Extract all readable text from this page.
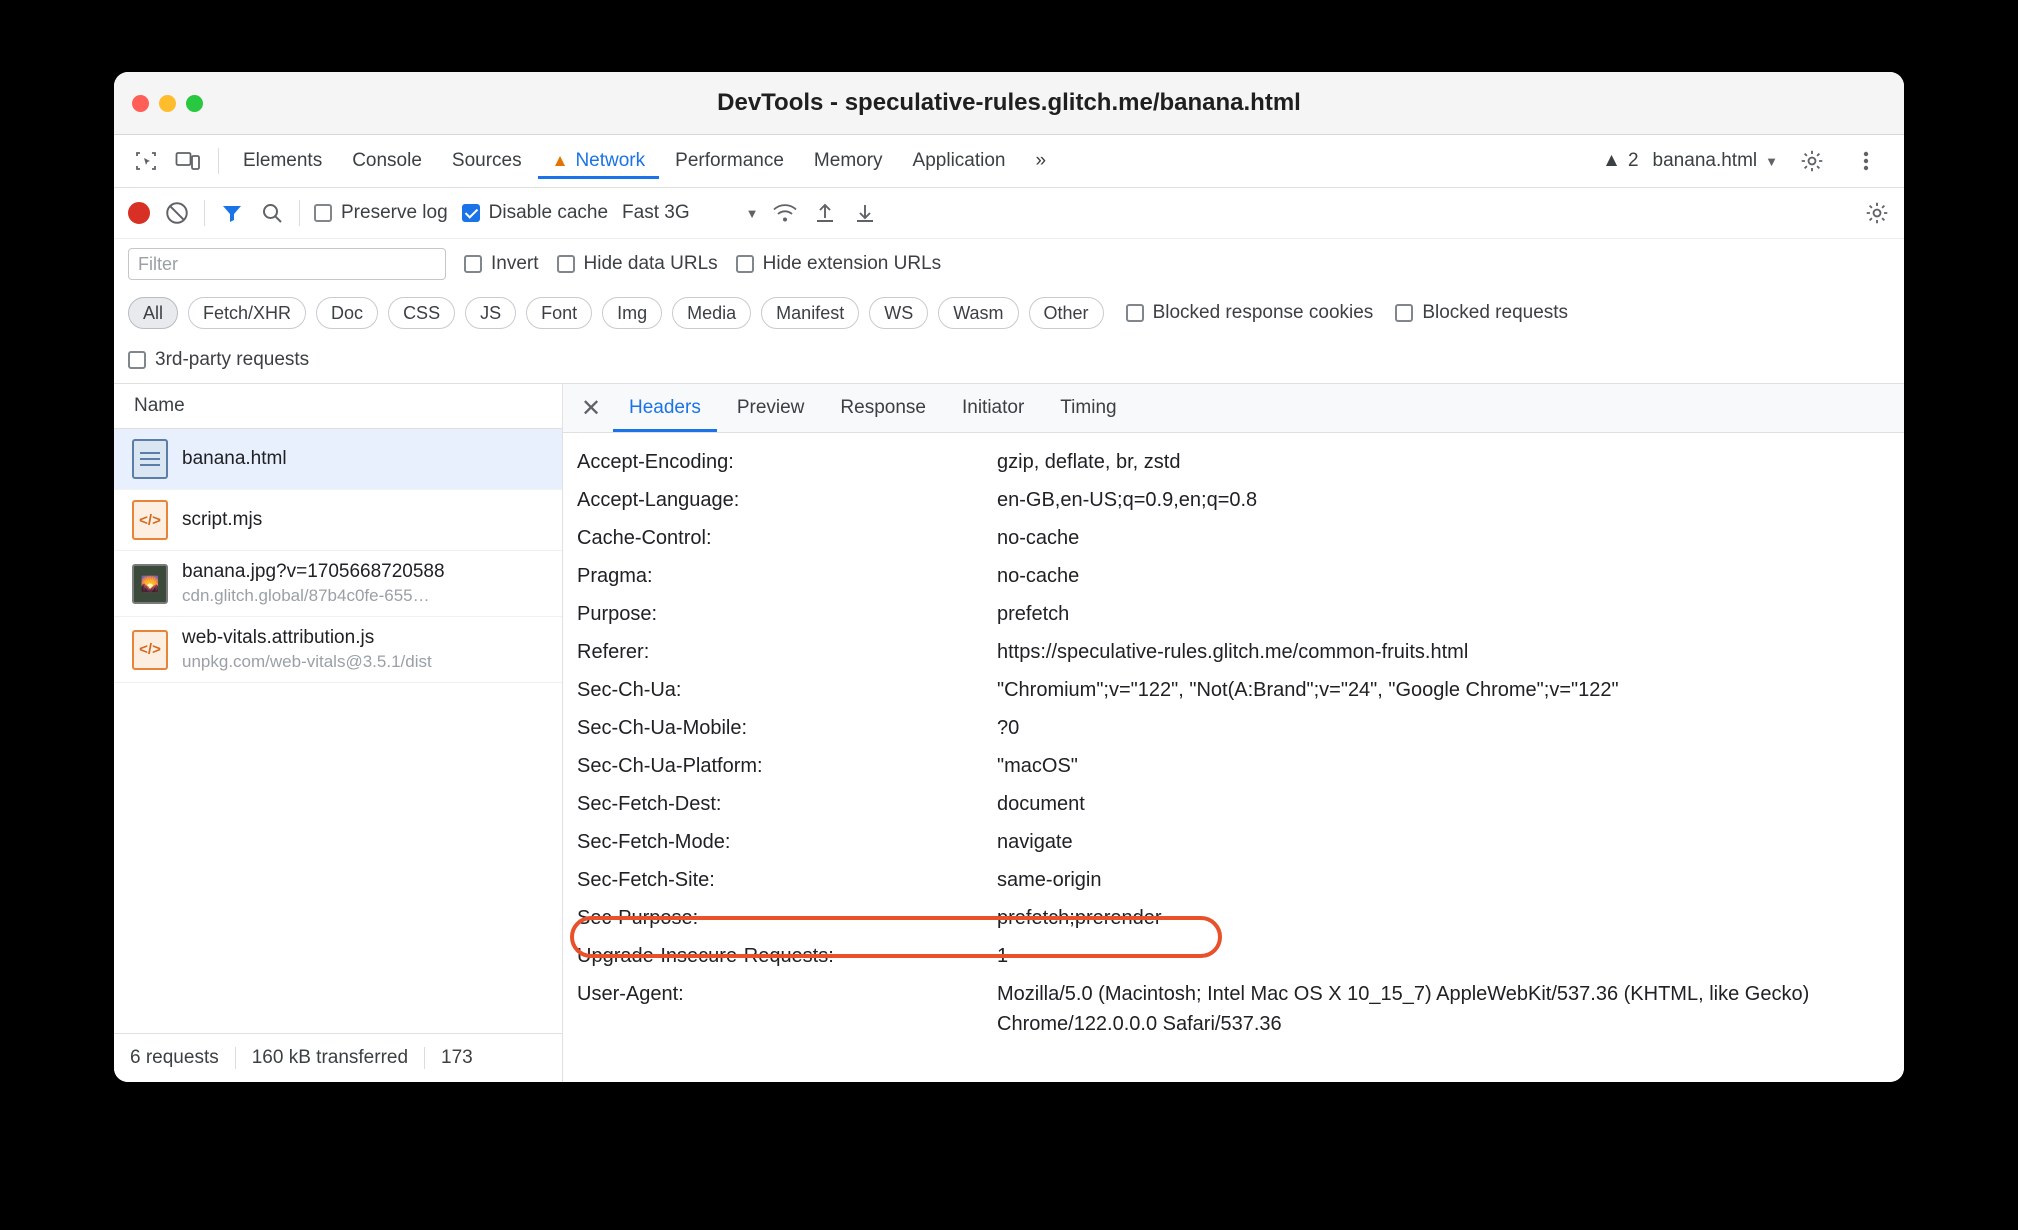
DevTools - speculative-rules.glitch.me/banana.html
Elements Console Sources ▲ Network Performance Memory Application »	▲ 2 banana.html ▼
Preserve log Disable cache Fast 3G	▼
Filter
Invert Hide data URLs Hide extension URLs
All Fetch/XHR Doc CSS JS Font Img Media Manifest WS Wasm Other	Blocked response cookies	Blocked requests
3rd-party requests
Name
banana.html
</>	script.mjs
🌄
banana.jpg?v=1705668720588
cdn.glitch.global/87b4c0fe-655…
</>
web-vitals.attribution.js
unpkg.com/web-vitals@3.5.1/dist
6 requests	160 kB transferred	173
✕	Headers Preview Response Initiator Timing
Accept-Encoding:	gzip, deflate, br, zstd
Accept-Language:	en-GB,en-US;q=0.9,en;q=0.8
Cache-Control:	no-cache
Pragma:	no-cache
Purpose:	prefetch
Referer:	https://speculative-rules.glitch.me/common-fruits.html
Sec-Ch-Ua:	"Chromium";v="122", "Not(A:Brand";v="24", "Google Chrome";v="122"
Sec-Ch-Ua-Mobile:	?0
Sec-Ch-Ua-Platform:	"macOS"
Sec-Fetch-Dest:	document
Sec-Fetch-Mode:	navigate
Sec-Fetch-Site:	same-origin
Sec-Purpose:	prefetch;prerender
Upgrade-Insecure-Requests:	1
User-Agent:	Mozilla/5.0 (Macintosh; Intel Mac OS X 10_15_7) AppleWebKit/537.36 (KHTML, like Gecko) Chrome/122.0.0.0 Safari/537.36
